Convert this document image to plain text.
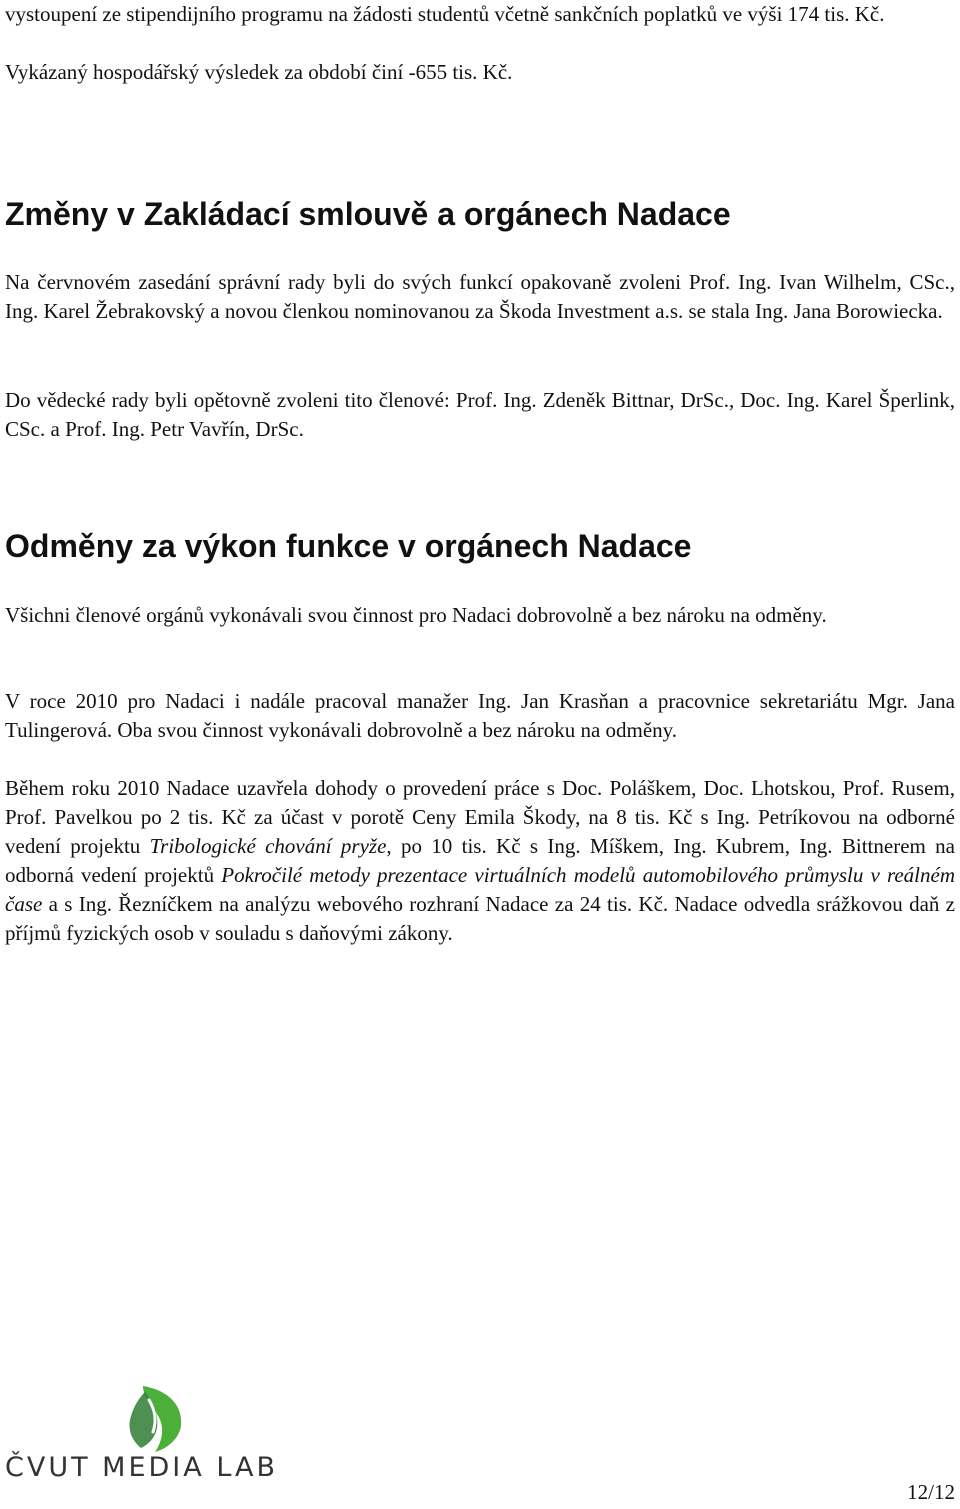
vystoupení ze stipendijního programu na žádosti studentů včetně sankčních poplatků ve výši 174 tis. Kč.

Vykázaný hospodářský výsledek za období činí -655 tis. Kč.

Změny v Zakládací smlouvě a orgánech Nadace

Na červnovém zasedání správní rady byli do svých funkcí opakovaně zvoleni Prof. Ing. Ivan Wilhelm, CSc., Ing. Karel Žebrakovský a novou členkou nominovanou za Škoda Investment a.s. se stala Ing. Jana Borowiecka.

Do vědecké rady byli opětovně zvoleni tito členové: Prof. Ing. Zdeněk Bittnar, DrSc., Doc. Ing. Karel Šperlink, CSc. a Prof. Ing. Petr Vavřín, DrSc.

Odměny za výkon funkce v orgánech Nadace

Všichni členové orgánů vykonávali svou činnost pro Nadaci dobrovolně a bez nároku na odměny.

V roce 2010 pro Nadaci i nadále pracoval manažer Ing. Jan Krasňan a pracovnice sekretariátu Mgr. Jana Tulingerová. Oba svou činnost vykonávali dobrovolně a bez nároku na odměny.

Během roku 2010 Nadace uzavřela dohody o provedení práce s Doc. Poláškem, Doc. Lhotskou, Prof. Rusem, Prof. Pavelkou po 2 tis. Kč za účast v porotě Ceny Emila Škody, na 8 tis. Kč s Ing. Petríkovou na odborné vedení projektu Tribologické chování pryže, po 10 tis. Kč s Ing. Míškem, Ing. Kubrem, Ing. Bittnerem na odborná vedení projektů Pokročilé metody prezentace virtuálních modelů automobilového průmyslu v reálném čase a s Ing. Řezníčkem na analýzu webového rozhraní Nadace za 24 tis. Kč. Nadace odvedla srážkovou daň z příjmů fyzických osob v souladu s daňovými zákony.

ČVUT MEDIA LAB
12/12
